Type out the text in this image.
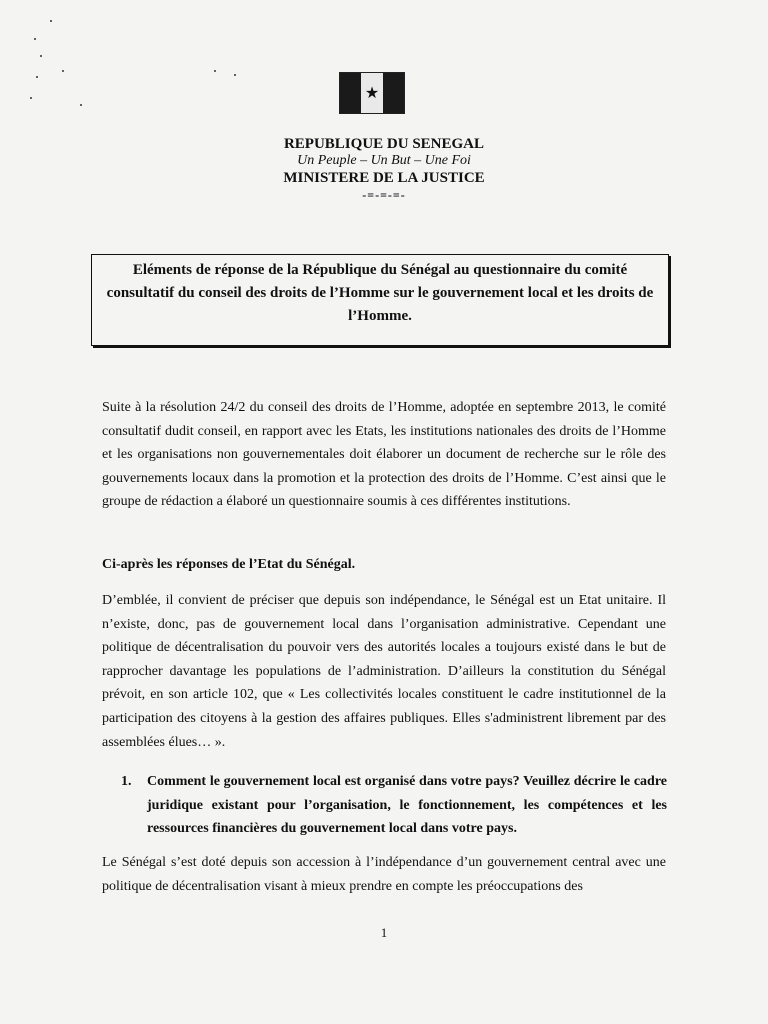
★
REPUBLIQUE DU SENEGAL
Un Peuple – Un But – Une Foi
MINISTERE DE LA JUSTICE
-=-=-=-
Eléments de réponse de la République du Sénégal au questionnaire du comité consultatif du conseil des droits de l’Homme sur le gouvernement local et les droits de l’Homme.
Suite à la résolution 24/2 du conseil des droits de l’Homme, adoptée en septembre 2013, le comité consultatif dudit conseil, en rapport avec les Etats, les institutions nationales des droits de l’Homme et les organisations non gouvernementales doit élaborer un document de recherche sur le rôle des gouvernements locaux dans la promotion et la protection des droits de l’Homme. C’est ainsi que le groupe de rédaction a élaboré un questionnaire soumis à ces différentes institutions.
Ci-après les réponses de l’Etat du Sénégal.
D’emblée, il convient de préciser que depuis son indépendance, le Sénégal est un Etat unitaire. Il n’existe, donc, pas de gouvernement local dans l’organisation administrative. Cependant une politique de décentralisation du pouvoir vers des autorités locales a toujours existé dans le but de rapprocher davantage les populations de l’administration. D’ailleurs la constitution du Sénégal prévoit, en son article 102, que « Les collectivités locales constituent le cadre institutionnel de la participation des citoyens à la gestion des affaires publiques. Elles s'administrent librement par des assemblées élues… ».
1. Comment le gouvernement local est organisé dans votre pays? Veuillez décrire le cadre juridique existant pour l’organisation, le fonctionnement, les compétences et les ressources financières du gouvernement local dans votre pays.
Le Sénégal s’est doté depuis son accession à l’indépendance d’un gouvernement central avec une politique de décentralisation visant à mieux prendre en compte les préoccupations des
1
